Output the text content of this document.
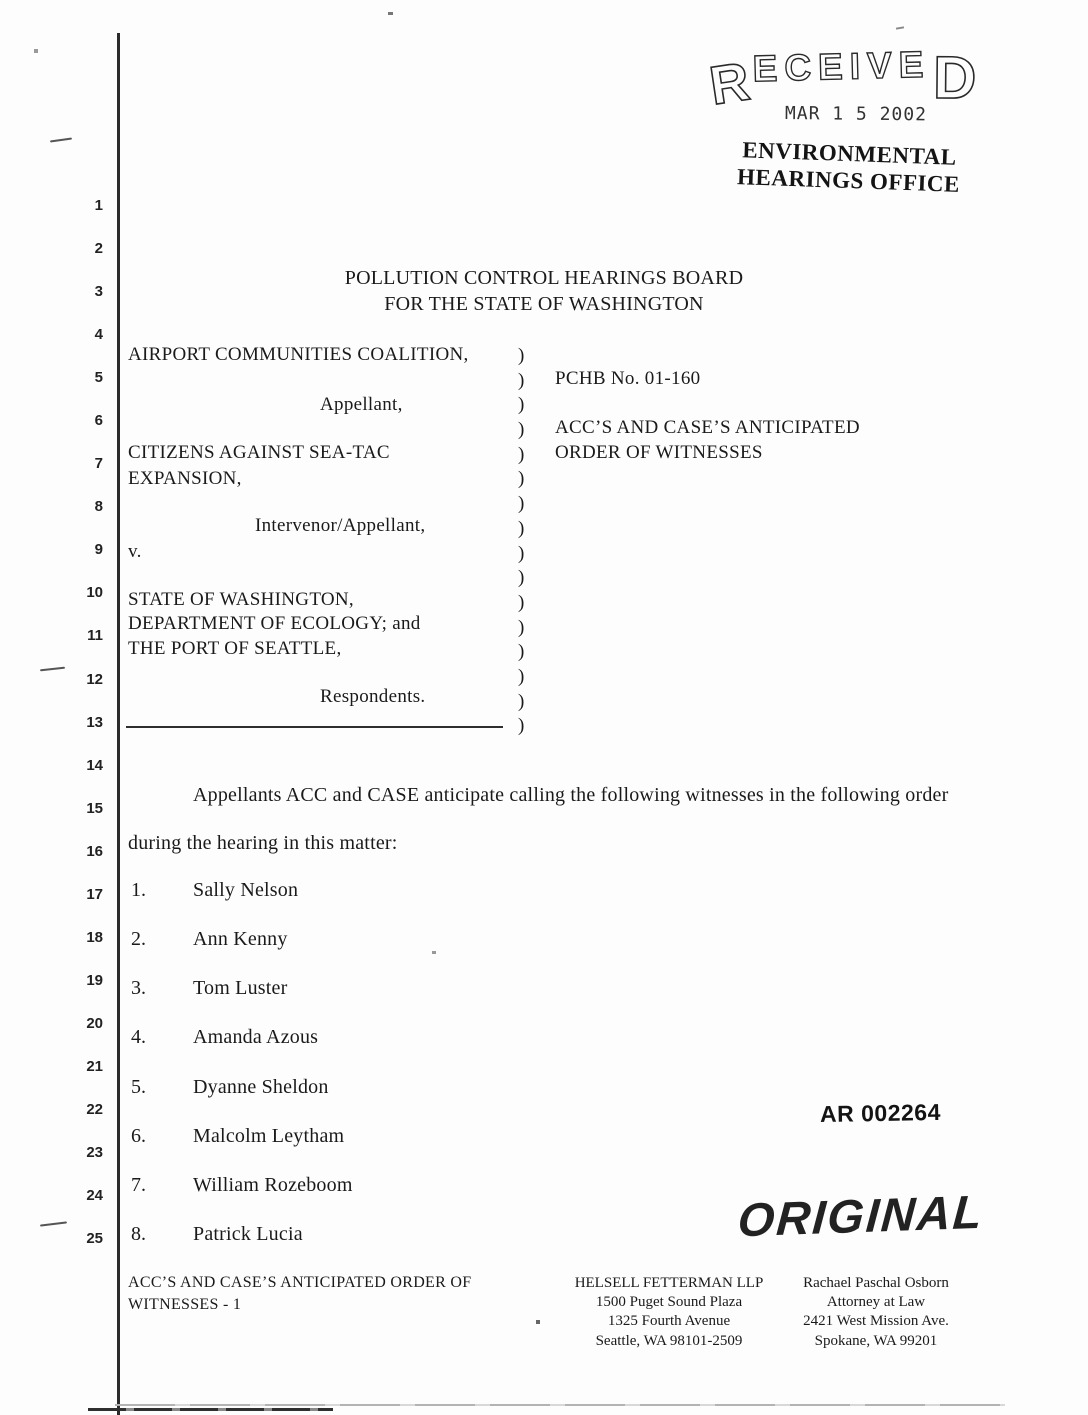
1
2
3
4
5
6
7
8
9
10
11
12
13
14
15
16
17
18
19
20
21
22
23
24
25
R
ECEIVE D
MAR 1 5 2002
ENVIRONMENTAL
HEARINGS OFFICE
POLLUTION CONTROL HEARINGS BOARD
FOR THE STATE OF WASHINGTON
AIRPORT COMMUNITIES COALITION,
Appellant,
CITIZENS AGAINST SEA-TAC
EXPANSION,
Intervenor/Appellant,
v.
STATE OF WASHINGTON,
DEPARTMENT OF ECOLOGY; and
THE PORT OF SEATTLE,
Respondents.
)
)
)
)
)
)
)
)
)
)
)
)
)
)
)
)
PCHB No. 01-160
ACC’S AND CASE’S ANTICIPATED
ORDER OF WITNESSES
Appellants ACC and CASE anticipate calling the following witnesses in the following order
during the hearing in this matter:
1. Sally Nelson
2. Ann Kenny
3. Tom Luster
4. Amanda Azous
5. Dyanne Sheldon
6. Malcolm Leytham
7. William Rozeboom
8. Patrick Lucia
AR 002264
ORIGINAL
ACC’S AND CASE’S ANTICIPATED ORDER OF
WITNESSES - 1
HELSELL FETTERMAN LLP
1500 Puget Sound Plaza
1325 Fourth Avenue
Seattle, WA 98101-2509
Rachael Paschal Osborn
Attorney at Law
2421 West Mission Ave.
Spokane, WA 99201
